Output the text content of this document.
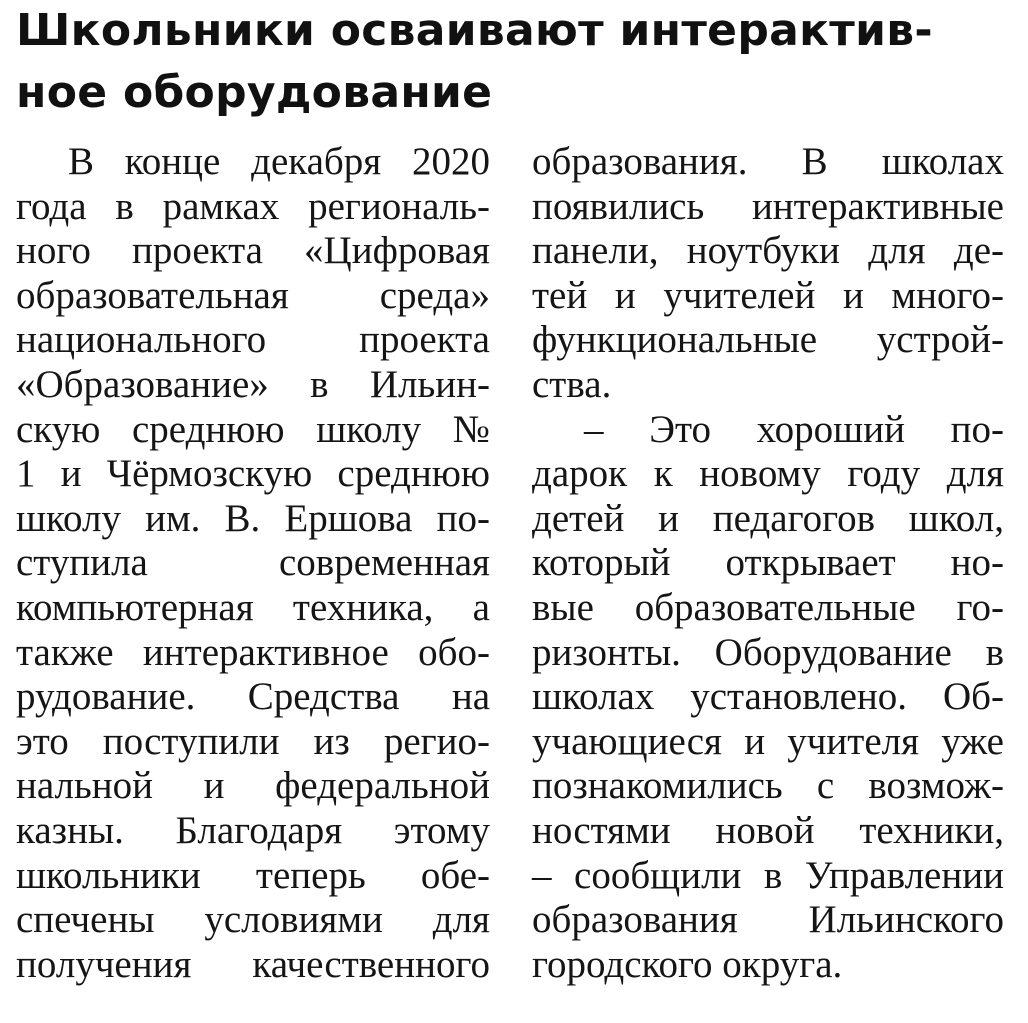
Школьники осваивают интерактив-
ное оборудование
В конце декабря 2020
года в рамках региональ-
ного проекта «Цифровая
образовательная среда»
национального проекта
«Образование» в Ильин-
скую среднюю школу №
1 и Чёрмозскую среднюю
школу им. В. Ершова по-
ступила современная
компьютерная техника, а
также интерактивное обо-
рудование. Средства на
это поступили из регио-
нальной и федеральной
казны. Благодаря этому
школьники теперь обе-
спечены условиями для
получения качественного
образования. В школах
появились интерактивные
панели, ноутбуки для де-
тей и учителей и много-
функциональные устрой-
ства.
– Это хороший по-
дарок к новому году для
детей и педагогов школ,
который открывает но-
вые образовательные го-
ризонты. Оборудование в
школах установлено. Об-
учающиеся и учителя уже
познакомились с возмож-
ностями новой техники,
– сообщили в Управлении
образования Ильинского
городского округа.
